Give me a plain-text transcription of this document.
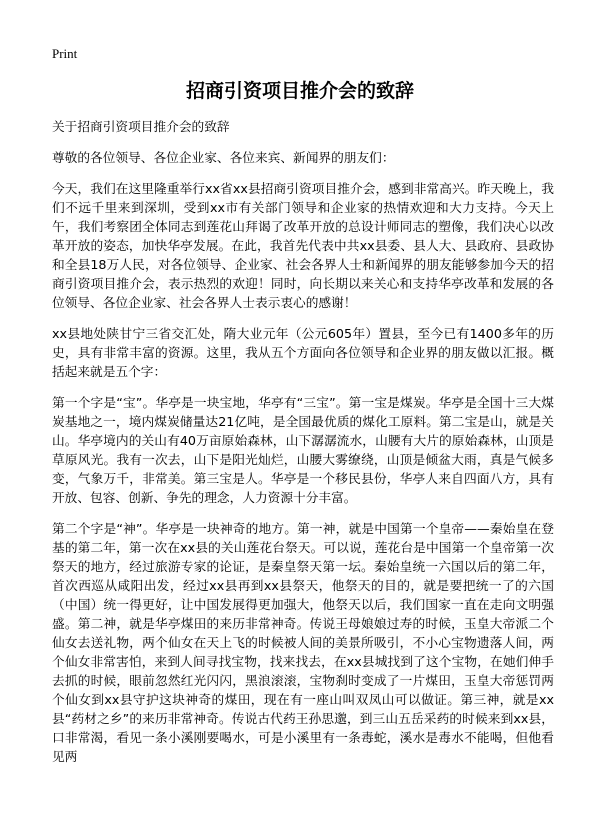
Print
招商引资项目推介会的致辞

关于招商引资项目推介会的致辞

尊敬的各位领导、各位企业家、各位来宾、新闻界的朋友们：

今天，我们在这里隆重举行xx省xx县招商引资项目推介会，感到非常高兴。昨天晚上，我们不远千里来到深圳，受到xx市有关部门领导和企业家的热情欢迎和大力支持。今天上午，我们考察团全体同志到莲花山拜谒了改革开放的总设计师同志的塑像，我们决心以改革开放的姿态，加快华亭发展。在此，我首先代表中共xx县委、县人大、县政府、县政协和全县18万人民，对各位领导、企业家、社会各界人士和新闻界的朋友能够参加今天的招商引资项目推介会，表示热烈的欢迎！同时，向长期以来关心和支持华亭改革和发展的各位领导、各位企业家、社会各界人士表示衷心的感谢！

xx县地处陕甘宁三省交汇处，隋大业元年（公元605年）置县，至今已有1400多年的历史，具有非常丰富的资源。这里，我从五个方面向各位领导和企业界的朋友做以汇报。概括起来就是五个字：

第一个字是“宝”。华亭是一块宝地，华亭有“三宝”。第一宝是煤炭。华亭是全国十三大煤炭基地之一，境内煤炭储量达21亿吨，是全国最优质的煤化工原料。第二宝是山，就是关山。华亭境内的关山有40万亩原始森林，山下潺潺流水，山腰有大片的原始森林，山顶是草原风光。我有一次去，山下是阳光灿烂，山腰大雾缭绕，山顶是倾盆大雨，真是气候多变，气象万千，非常美。第三宝是人。华亭是一个移民县份，华亭人来自四面八方，具有开放、包容、创新、争先的理念，人力资源十分丰富。

第二个字是“神”。华亭是一块神奇的地方。第一神，就是中国第一个皇帝——秦始皇在登基的第二年，第一次在xx县的关山莲花台祭天。可以说，莲花台是中国第一个皇帝第一次祭天的地方，经过旅游专家的论证，是秦皇祭天第一坛。秦始皇统一六国以后的第二年，首次西巡从咸阳出发，经过xx县再到xx县祭天，他祭天的目的，就是要把统一了的六国（中国）统一得更好，让中国发展得更加强大，他祭天以后，我们国家一直在走向文明强盛。第二神，就是华亭煤田的来历非常神奇。传说王母娘娘过寿的时候，玉皇大帝派二个仙女去送礼物，两个仙女在天上飞的时候被人间的美景所吸引，不小心宝物遗落人间，两个仙女非常害怕，来到人间寻找宝物，找来找去，在xx县城找到了这个宝物，在她们伸手去抓的时候，眼前忽然红光闪闪，黑浪滚滚，宝物刹时变成了一片煤田，玉皇大帝惩罚两个仙女到xx县守护这块神奇的煤田，现在有一座山叫双凤山可以做证。第三神，就是xx县“药材之乡”的来历非常神奇。传说古代药王孙思邈，到三山五岳采药的时候来到xx县，口非常渴，看见一条小溪刚要喝水，可是小溪里有一条毒蛇，溪水是毒水不能喝，但他看见两
